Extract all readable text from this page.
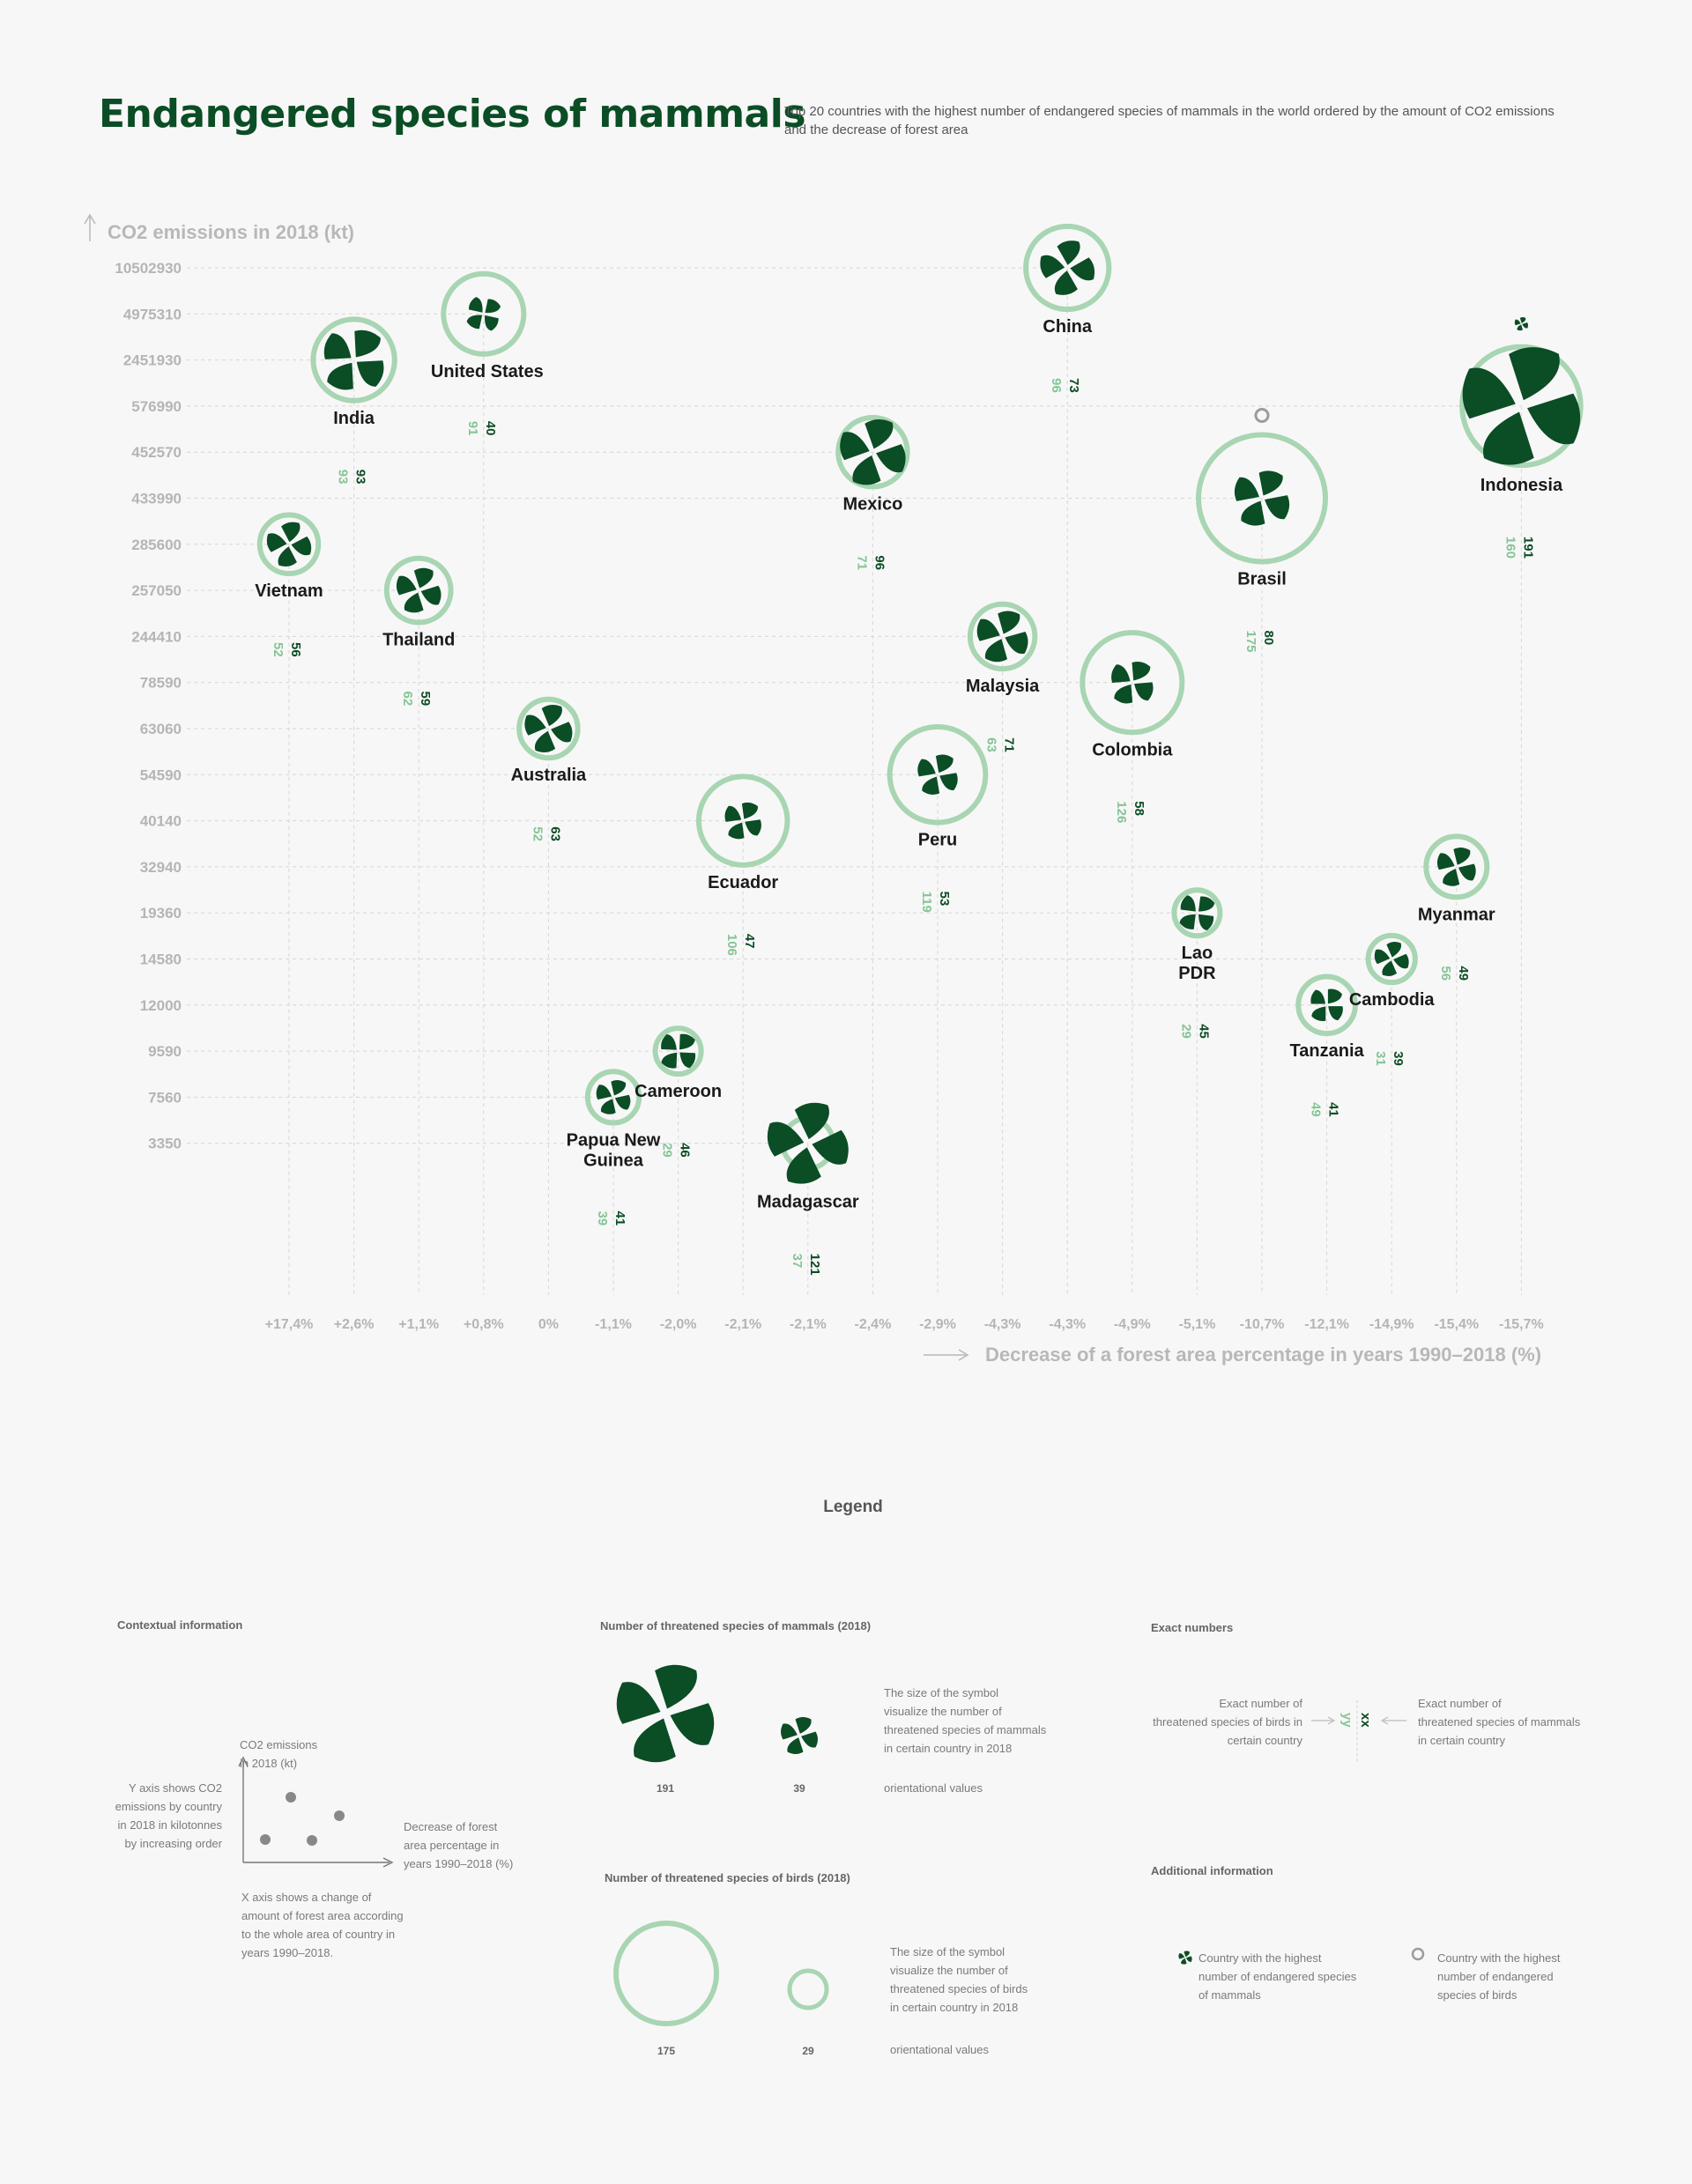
Endangered species of mammals

Top 20 countries with the highest number of endangered species of mammals in the world ordered by the amount of CO2 emissions and the decrease of forest area

CO2 emissions in 2018 (kt)
10502930
4975310
2451930
576990
452570
433990
285600
257050
244410
78590
63060
54590
40140
32940
19360
14580
12000
9590
7560
3350
+17,4% +2,6% +1,1% +0,8% 0%	-1,1% -2,0% -2,1% -2,1% -2,4% -2,9% -4,3% -4,3% -4,9% -5,1% -10,7% -12,1% -14,9% -15,4% -15,7%
Decrease of a forest area percentage in years 1990–2018 (%)
Vietnam
56
52
India
93
93
Thailand
59
62
United States
40
91
Australia
63
52
Papua New
Guinea
41
39
Cameroon
46
29
Ecuador
47
106
Madagascar
121
37
Mexico
96
71
Peru
53
119
Malaysia
71
63
China
73
96
Colombia
58
126
Lao
PDR
45
29
Brasil
80
175
Tanzania
41
49
Cambodia
39
31
Myanmar
49
56
Indonesia
191
160
Legend
Contextual information
CO2 emissions
in 2018 (kt)
Decrease of forest
area percentage in
years 1990–2018 (%)
Y axis shows CO2
emissions by country
in 2018 in kilotonnes
by increasing order
X axis shows a change of
amount of forest area according
to the whole area of country in
years 1990–2018.
Number of threatened species of mammals (2018)
191	39
The size of the symbol
visualize the number of
threatened species of mammals
in certain country in 2018
orientational values
Number of threatened species of birds (2018)
175	29
The size of the symbol
visualize the number of
threatened species of birds
in certain country in 2018
orientational values
Exact numbers
Exact number of
threatened species of birds in
certain country
Exact number of
threatened species of mammals
in certain country
yy xx
Additional information
Country with the highest
number of endangered species
of mammals
Country with the highest
number of endangered
species of birds
